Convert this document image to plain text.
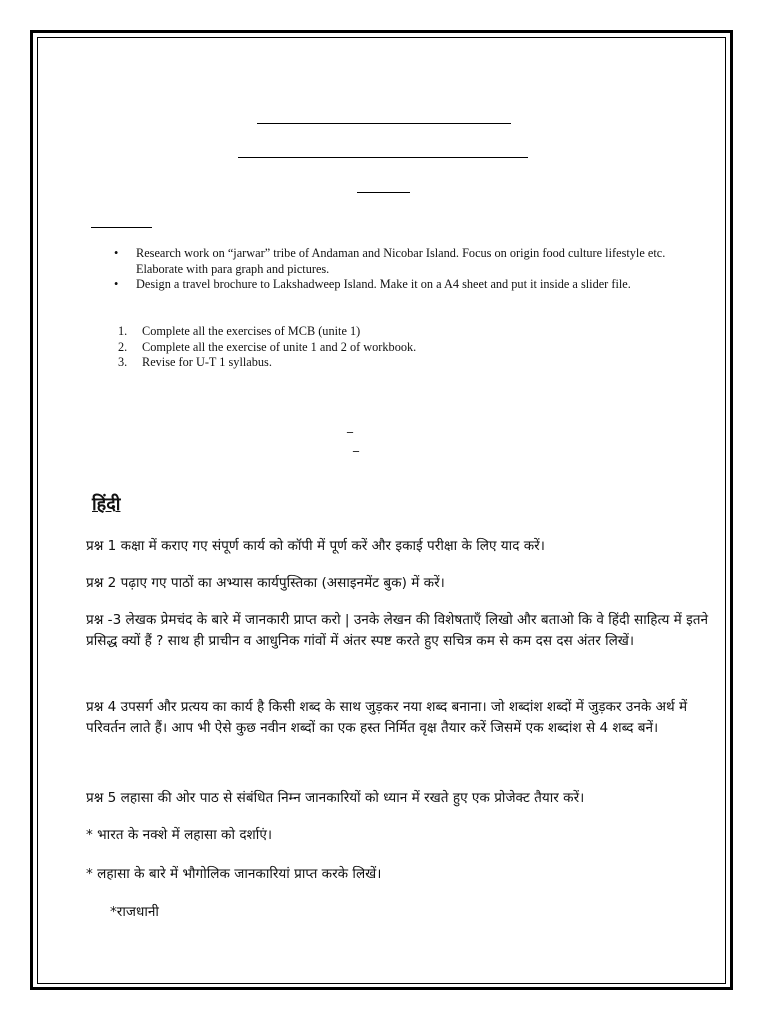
• Research work on “jarwar” tribe of Andaman and Nicobar Island. Focus on origin food culture lifestyle etc. Elaborate with para graph and pictures.
• Design a travel brochure to Lakshadweep Island. Make it on a A4 sheet and put it inside a slider file.
1. Complete all the exercises of MCB (unite 1)
2. Complete all the exercise of unite 1 and 2 of workbook.
3. Revise for U-T 1 syllabus.
_
_
हिंदी

प्रश्न 1 कक्षा में कराए गए संपूर्ण कार्य को कॉपी में पूर्ण करें और इकाई परीक्षा के लिए याद करें।

प्रश्न 2 पढ़ाए गए पाठों का अभ्यास कार्यपुस्तिका (असाइनमेंट बुक) में करें।

प्रश्न -3 लेखक प्रेमचंद के बारे में जानकारी प्राप्त करो | उनके लेखन की विशेषताएँ लिखो और बताओ कि वे हिंदी साहित्य में इतने प्रसिद्ध क्यों हैं ? साथ ही प्राचीन व आधुनिक गांवों में अंतर स्पष्ट करते हुए सचित्र कम से कम दस दस अंतर लिखें।

प्रश्न 4 उपसर्ग और प्रत्यय का कार्य है किसी शब्द के साथ जुड़कर नया शब्द बनाना। जो शब्दांश शब्दों में जुड़कर उनके अर्थ में परिवर्तन लाते हैं। आप भी ऐसे कुछ नवीन शब्दों का एक हस्त निर्मित वृक्ष तैयार करें जिसमें एक शब्दांश से 4 शब्द बनें।

प्रश्न 5 लहासा की ओर पाठ से संबंधित निम्न जानकारियों को ध्यान में रखते हुए एक प्रोजेक्ट तैयार करें।

* भारत के नक्शे में लहासा को दर्शाएं।

* लहासा के बारे में भौगोलिक जानकारियां प्राप्त करके लिखें।

*राजधानी
